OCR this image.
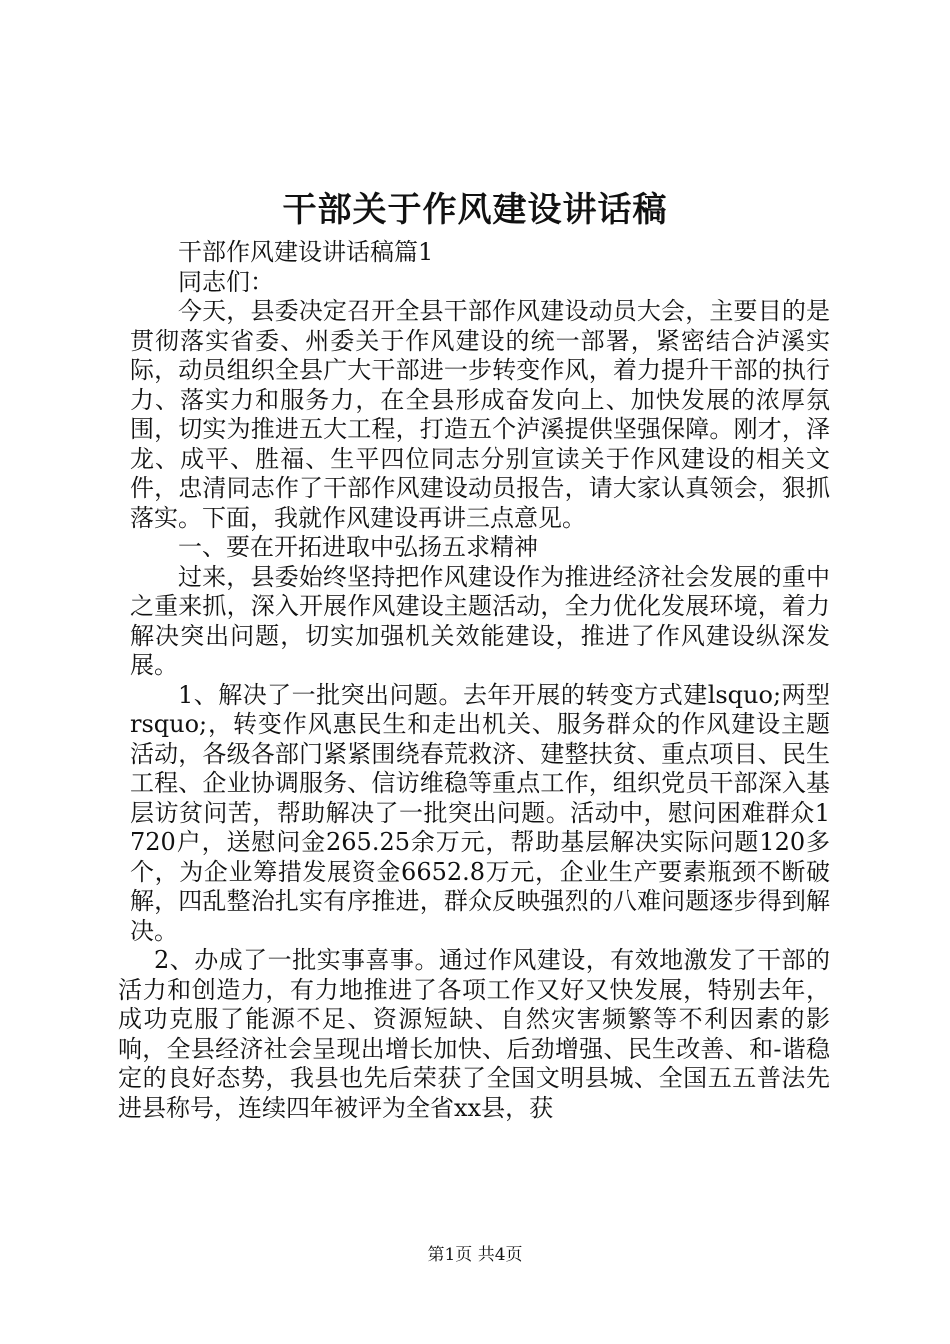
干部关于作风建设讲话稿

干部作风建设讲话稿篇1

同志们：

今天，县委决定召开全县干部作风建设动员大会，主要目的是贯彻落实省委、州委关于作风建设的统一部署，紧密结合泸溪实际，动员组织全县广大干部进一步转变作风，着力提升干部的执行力、落实力和服务力，在全县形成奋发向上、加快发展的浓厚氛围，切实为推进五大工程，打造五个泸溪提供坚强保障。刚才，泽龙、成平、胜福、生平四位同志分别宣读关于作风建设的相关文件，忠清同志作了干部作风建设动员报告，请大家认真领会，狠抓落实。下面，我就作风建设再讲三点意见。

一、要在开拓进取中弘扬五求精神

过来，县委始终坚持把作风建设作为推进经济社会发展的重中之重来抓，深入开展作风建设主题活动，全力优化发展环境，着力解决突出问题，切实加强机关效能建设，推进了作风建设纵深发展。

1、解决了一批突出问题。去年开展的转变方式建lsquo;两型rsquo;，转变作风惠民生和走出机关、服务群众的作风建设主题活动，各级各部门紧紧围绕春荒救济、建整扶贫、重点项目、民生工程、企业协调服务、信访维稳等重点工作，组织党员干部深入基层访贫问苦，帮助解决了一批突出问题。活动中，慰问困难群众1720户，送慰问金265.25余万元，帮助基层解决实际问题120多个，为企业筹措发展资金6652.8万元，企业生产要素瓶颈不断破解，四乱整治扎实有序推进，群众反映强烈的八难问题逐步得到解决。

2、办成了一批实事喜事。通过作风建设，有效地激发了干部的活力和创造力，有力地推进了各项工作又好又快发展，特别去年，成功克服了能源不足、资源短缺、自然灾害频繁等不利因素的影响，全县经济社会呈现出增长加快、后劲增强、民生改善、和-谐稳定的良好态势，我县也先后荣获了全国文明县城、全国五五普法先进县称号，连续四年被评为全省xx县，获

第1页 共4页
